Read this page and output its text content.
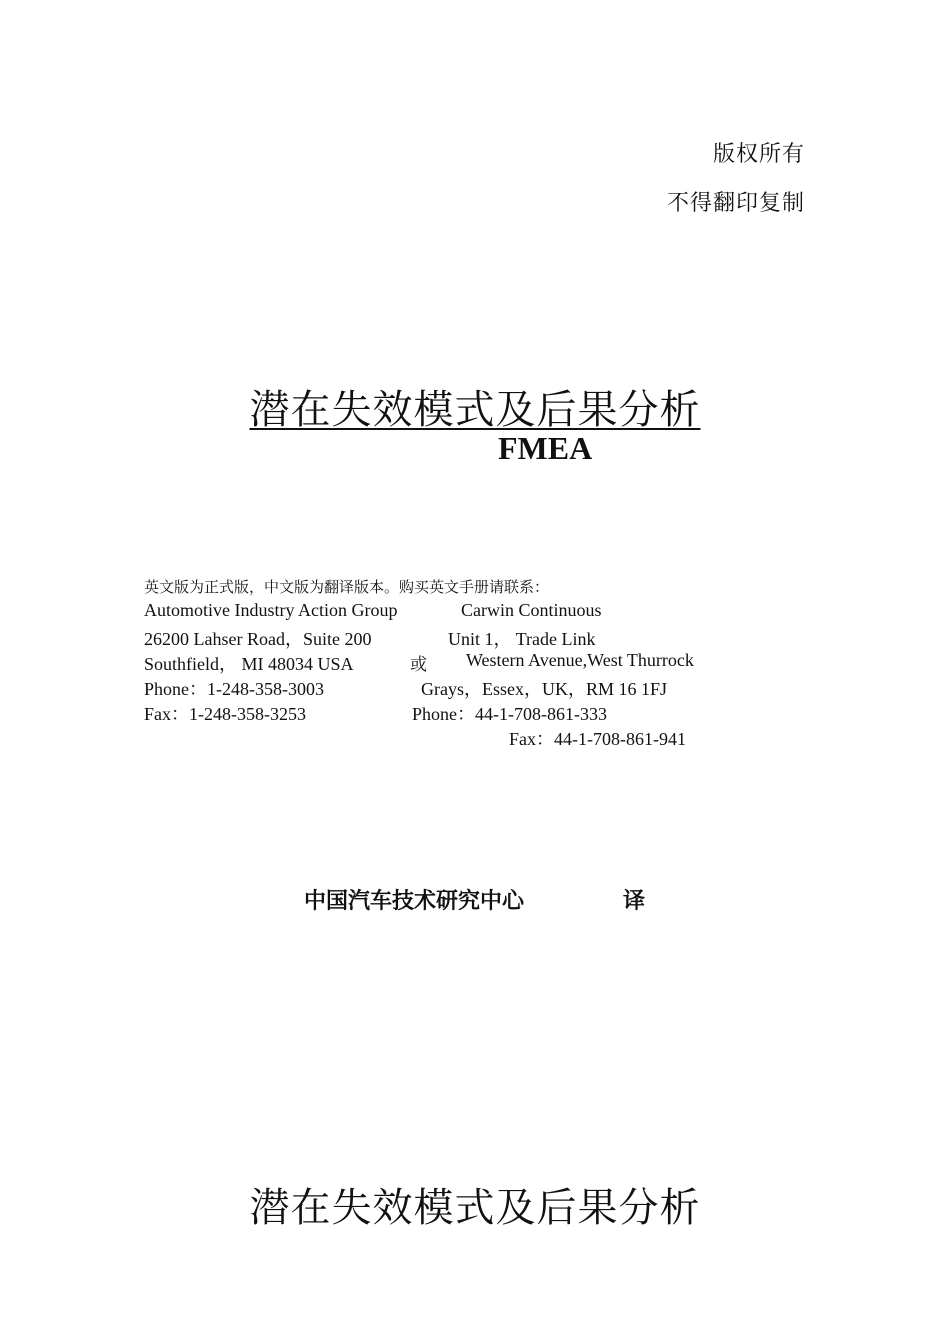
版权所有
不得翻印复制
潜在失效模式及后果分析
FMEA
英文版为正式版，中文版为翻译版本。购买英文手册请联系：
Automotive Industry Action Group
26200 Lahser Road，Suite 200
Southfield， MI 48034 USA
Phone：1-248-358-3003
Fax：1-248-358-3253
或
Carwin Continuous
Unit 1， Trade Link
Western Avenue,West Thurrock
Grays，Essex，UK，RM 16 1FJ
Phone：44-1-708-861-333
Fax：44-1-708-861-941
中国汽车技术研究中心	译
潜在失效模式及后果分析
